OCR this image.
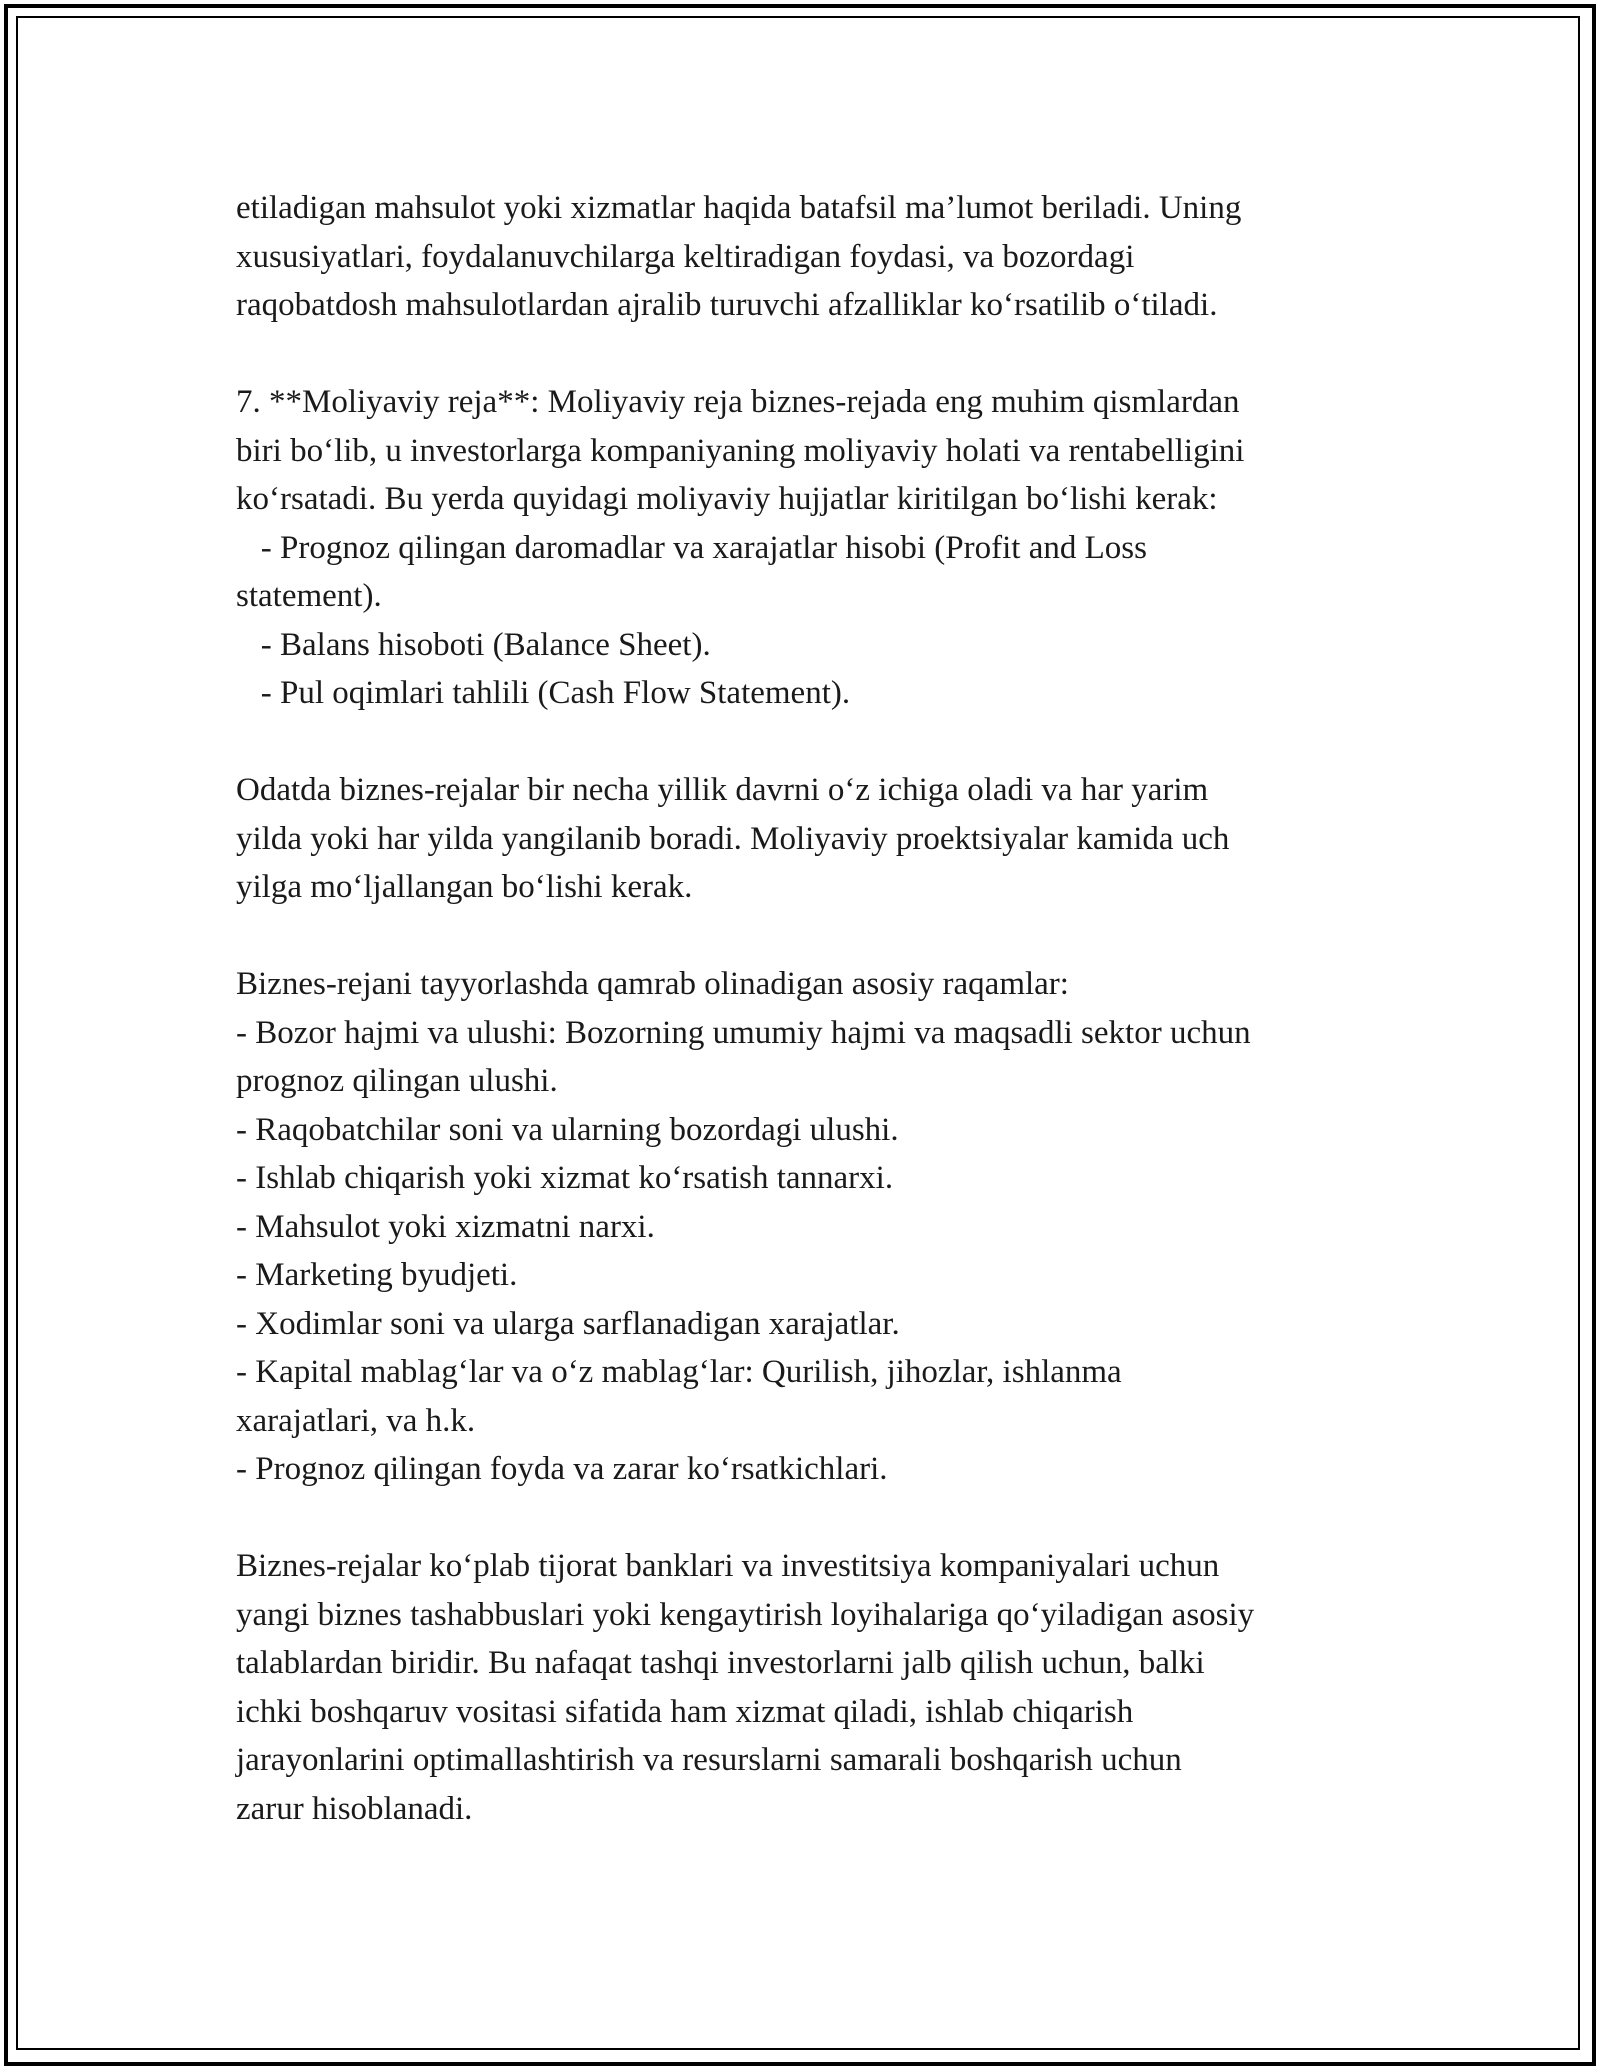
etiladigan mahsulot yoki xizmatlar haqida batafsil ma’lumot beriladi. Uning
xususiyatlari, foydalanuvchilarga keltiradigan foydasi, va bozordagi
raqobatdosh mahsulotlardan ajralib turuvchi afzalliklar ko‘rsatilib o‘tiladi.
7. **Moliyaviy reja**: Moliyaviy reja biznes-rejada eng muhim qismlardan
biri bo‘lib, u investorlarga kompaniyaning moliyaviy holati va rentabelligini
ko‘rsatadi. Bu yerda quyidagi moliyaviy hujjatlar kiritilgan bo‘lishi kerak:
- Prognoz qilingan daromadlar va xarajatlar hisobi (Profit and Loss
statement).
- Balans hisoboti (Balance Sheet).
- Pul oqimlari tahlili (Cash Flow Statement).
Odatda biznes-rejalar bir necha yillik davrni o‘z ichiga oladi va har yarim
yilda yoki har yilda yangilanib boradi. Moliyaviy proektsiyalar kamida uch
yilga mo‘ljallangan bo‘lishi kerak.
Biznes-rejani tayyorlashda qamrab olinadigan asosiy raqamlar:
- Bozor hajmi va ulushi: Bozorning umumiy hajmi va maqsadli sektor uchun
prognoz qilingan ulushi.
- Raqobatchilar soni va ularning bozordagi ulushi.
- Ishlab chiqarish yoki xizmat ko‘rsatish tannarxi.
- Mahsulot yoki xizmatni narxi.
- Marketing byudjeti.
- Xodimlar soni va ularga sarflanadigan xarajatlar.
- Kapital mablag‘lar va o‘z mablag‘lar: Qurilish, jihozlar, ishlanma
xarajatlari, va h.k.
- Prognoz qilingan foyda va zarar ko‘rsatkichlari.
Biznes-rejalar ko‘plab tijorat banklari va investitsiya kompaniyalari uchun
yangi biznes tashabbuslari yoki kengaytirish loyihalariga qo‘yiladigan asosiy
talablardan biridir. Bu nafaqat tashqi investorlarni jalb qilish uchun, balki
ichki boshqaruv vositasi sifatida ham xizmat qiladi, ishlab chiqarish
jarayonlarini optimallashtirish va resurslarni samarali boshqarish uchun
zarur hisoblanadi.
